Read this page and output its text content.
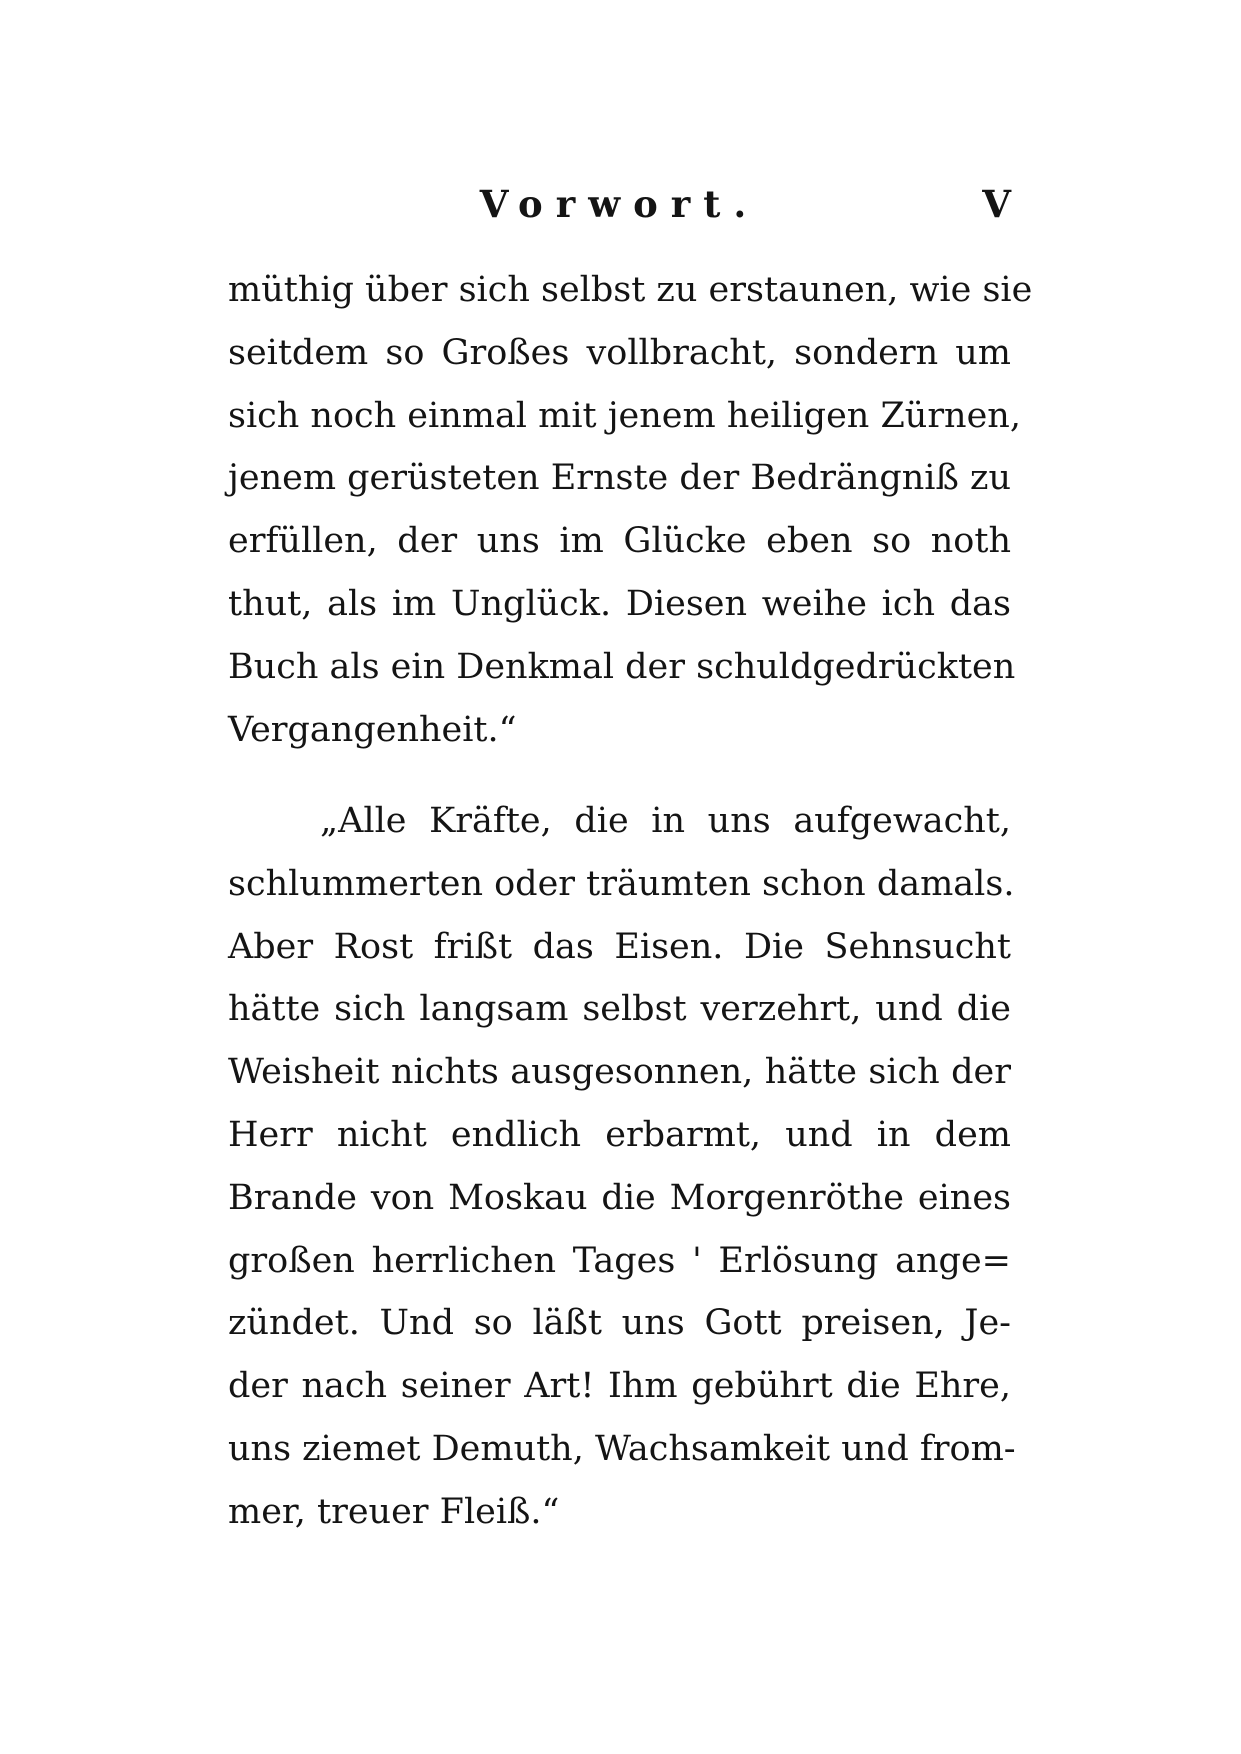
Vorwort.	V
müthig über sich selbst zu erstaunen, wie sie
seitdem so Großes vollbracht, sondern um
sich noch einmal mit jenem heiligen Zürnen,
jenem gerüsteten Ernste der Bedrängniß zu
erfüllen, der uns im Glücke eben so noth
thut, als im Unglück. Diesen weihe ich das
Buch als ein Denkmal der schuldgedrückten
Vergangenheit.“
„Alle Kräfte, die in uns aufgewacht,
schlummerten oder träumten schon damals.
Aber Rost frißt das Eisen. Die Sehnsucht
hätte sich langsam selbst verzehrt, und die
Weisheit nichts ausgesonnen, hätte sich der
Herr nicht endlich erbarmt, und in dem
Brande von Moskau die Morgenröthe eines
großen herrlichen Tages ' Erlösung ange=
zündet. Und so läßt uns Gott preisen, Je-
der nach seiner Art! Ihm gebührt die Ehre,
uns ziemet Demuth, Wachsamkeit und from-
mer, treuer Fleiß.“
